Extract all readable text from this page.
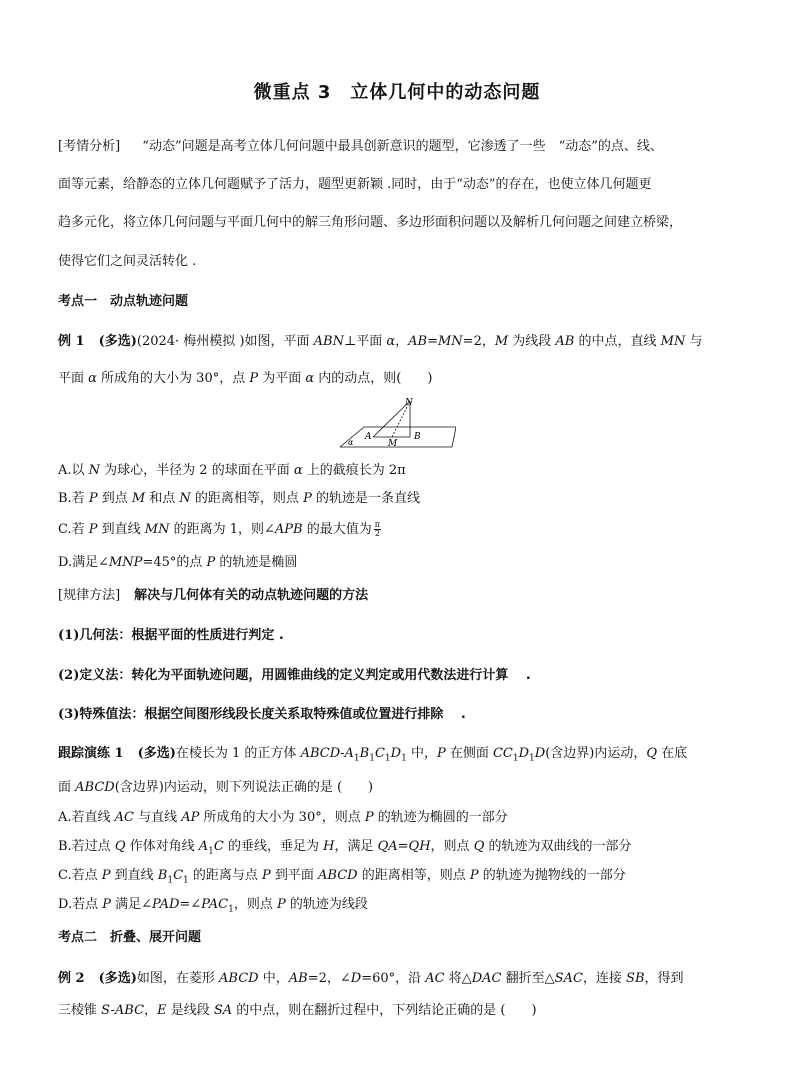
微重点 3　立体几何中的动态问题
[考情分析] “动态”问题是高考立体几何问题中最具创新意识的题型，它渗透了一些　“动态”的点、线、
面等元素，给静态的立体几何题赋予了活力，题型更新颖 .同时，由于“动态”的存在，也使立体几何题更
趋多元化，将立体几何问题与平面几何中的解三角形问题、多边形面积问题以及解析几何问题之间建立桥梁，
使得它们之间灵活转化 .
考点一　动点轨迹问题
例 1 (多选)(2024· 梅州模拟 )如图，平面 ABN⊥平面 α，AB=MN=2，M 为线段 AB 的中点，直线 MN 与
平面 α 所成角的大小为 30°，点 P 为平面 α 内的动点，则(　　)
N
A
M
B
α
A.以 N 为球心，半径为 2 的球面在平面 α 上的截痕长为 2π
B.若 P 到点 M 和点 N 的距离相等，则点 P 的轨迹是一条直线
C.若 P 到直线 MN 的距离为 1，则∠APB 的最大值为 $\frac{\pi}{2}$
D.满足∠MNP=45°的点 P 的轨迹是椭圆
[规律方法] 解决与几何体有关的动点轨迹问题的方法
(1)几何法：根据平面的性质进行判定 .
(2)定义法：转化为平面轨迹问题，用圆锥曲线的定义判定或用代数法进行计算　 .
(3)特殊值法：根据空间图形线段长度关系取特殊值或位置进行排除　 .
跟踪演练 1 (多选)在棱长为 1 的正方体 ABCD-$A_1B_1C_1D_1$ 中，P 在侧面 $CC_1D_1D$(含边界)内运动，Q 在底
面 ABCD(含边界)内运动，则下列说法正确的是 (　　)
A.若直线 AC 与直线 AP 所成角的大小为 30°，则点 P 的轨迹为椭圆的一部分
B.若过点 Q 作体对角线 $A_1C$ 的垂线，垂足为 H，满足 QA=QH，则点 Q 的轨迹为双曲线的一部分
C.若点 P 到直线 $B_1C_1$ 的距离与点 P 到平面 ABCD 的距离相等，则点 P 的轨迹为抛物线的一部分
D.若点 P 满足$\angle PAD=\angle PAC_1$，则点 P 的轨迹为线段
考点二　折叠、展开问题
例 2 (多选)如图，在菱形 ABCD 中，AB=2，∠D=60°，沿 AC 将△DAC 翻折至△SAC，连接 SB，得到
三棱锥 S-ABC，E 是线段 SA 的中点，则在翻折过程中，下列结论正确的是 (　　)
